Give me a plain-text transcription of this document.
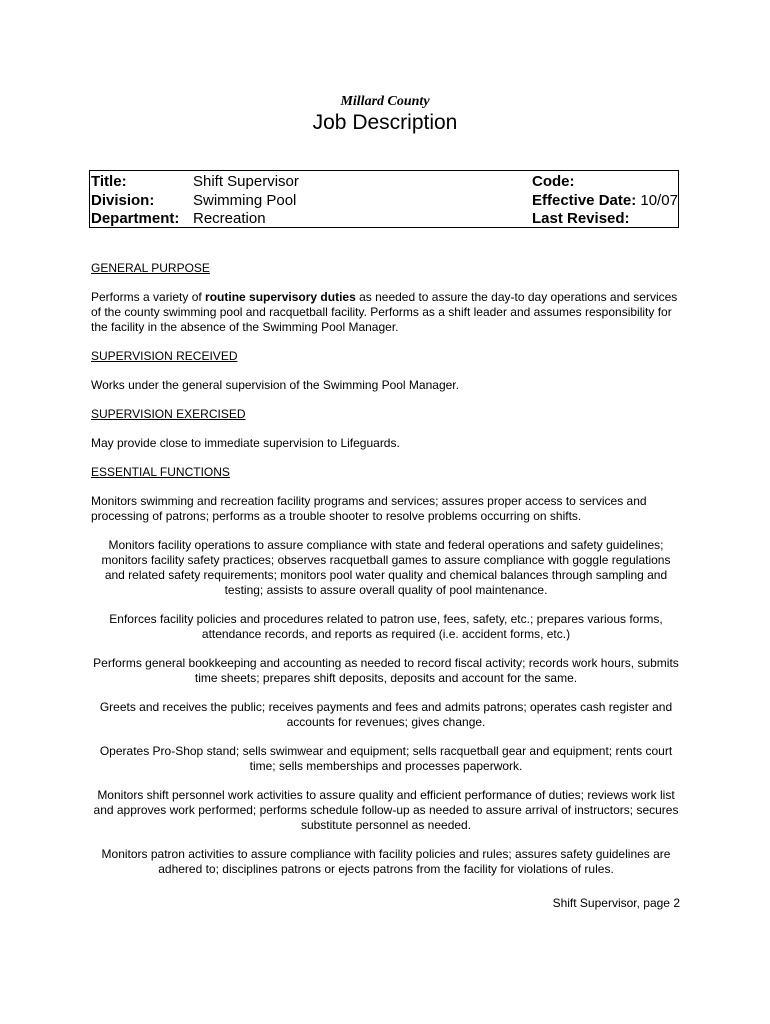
Millard County
Job Description
Title:	Shift Supervisor	Code:
Division:	Swimming Pool	Effective Date: 10/07
Department: Recreation	Last Revised:
GENERAL PURPOSE
Performs a variety of routine supervisory duties as needed to assure the day-to day operations and services of the county swimming pool and racquetball facility. Performs as a shift leader and assumes responsibility for the facility in the absence of the Swimming Pool Manager.
SUPERVISION RECEIVED
Works under the general supervision of the Swimming Pool Manager.
SUPERVISION EXERCISED
May provide close to immediate supervision to Lifeguards.
ESSENTIAL FUNCTIONS
Monitors swimming and recreation facility programs and services; assures proper access to services and processing of patrons; performs as a trouble shooter to resolve problems occurring on shifts.
Monitors facility operations to assure compliance with state and federal operations and safety guidelines; monitors facility safety practices; observes racquetball games to assure compliance with goggle regulations and related safety requirements; monitors pool water quality and chemical balances through sampling and testing; assists to assure overall quality of pool maintenance.
Enforces facility policies and procedures related to patron use, fees, safety, etc.; prepares various forms, attendance records, and reports as required (i.e. accident forms, etc.)
Performs general bookkeeping and accounting as needed to record fiscal activity; records work hours, submits time sheets; prepares shift deposits, deposits and account for the same.
Greets and receives the public; receives payments and fees and admits patrons; operates cash register and accounts for revenues; gives change.
Operates Pro-Shop stand; sells swimwear and equipment; sells racquetball gear and equipment; rents court time; sells memberships and processes paperwork.
Monitors shift personnel work activities to assure quality and efficient performance of duties; reviews work list and approves work performed; performs schedule follow-up as needed to assure arrival of instructors; secures substitute personnel as needed.
Monitors patron activities to assure compliance with facility policies and rules; assures safety guidelines are adhered to; disciplines patrons or ejects patrons from the facility for violations of rules.
Shift Supervisor, page 2
